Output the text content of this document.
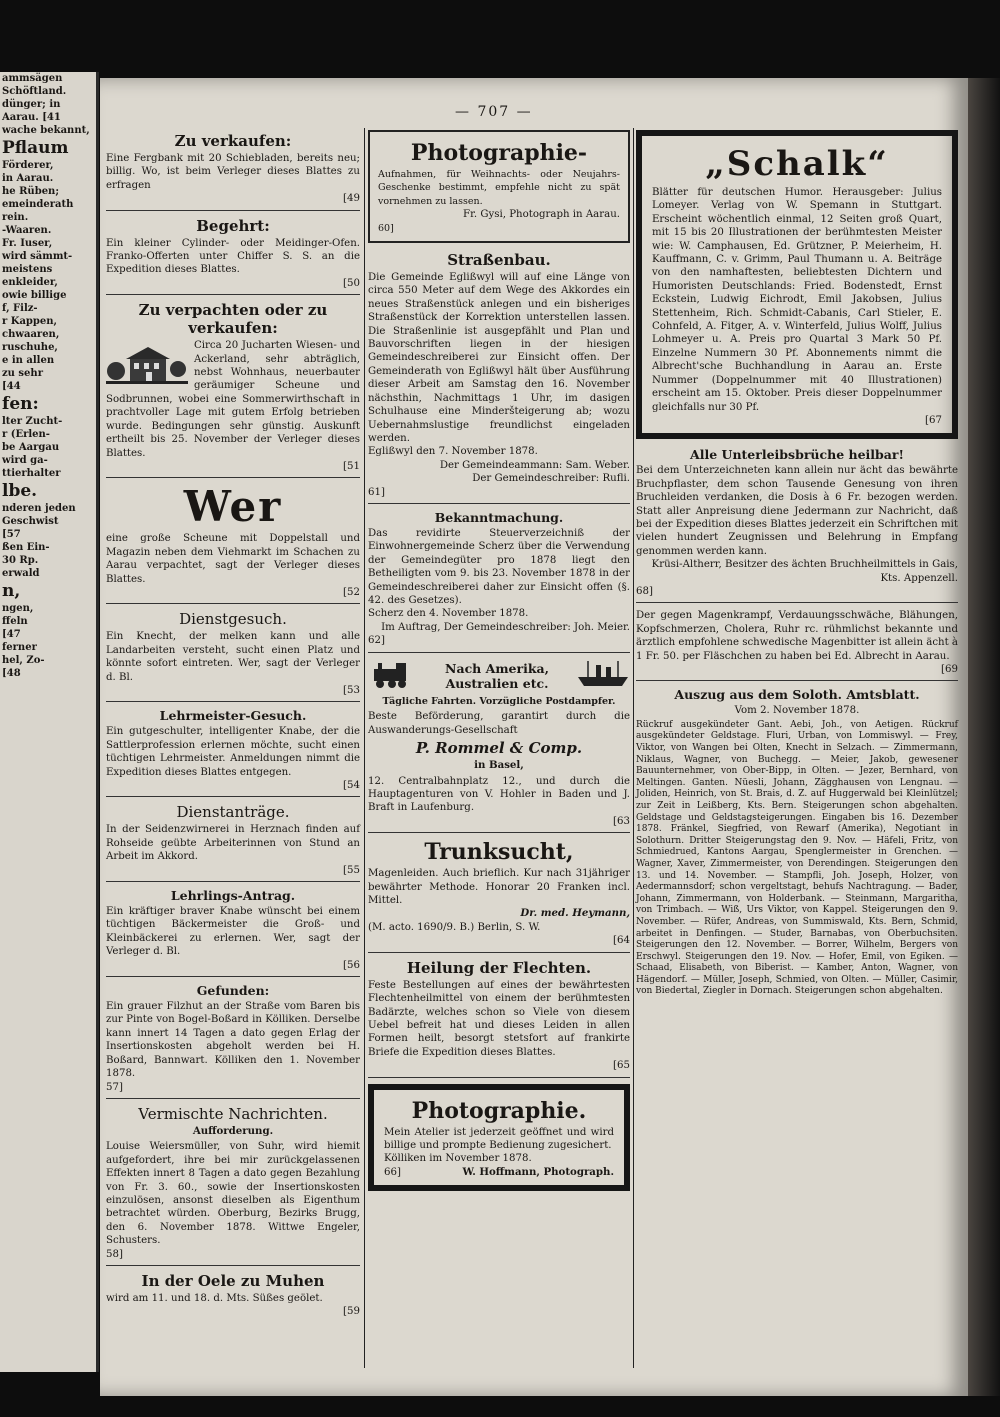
ammsägen
Schöftland.
dünger; in
Aarau. [41
wache bekannt,
Pflaum
Förderer,
in Aarau.
he Rüben;
emeinderath
rein.
-Waaren.
Fr. Iuser,
wird sämmt-
meistens
enkleider,
owie billige
f, Filz-
r Kappen,
chwaaren,
ruschuhe,
e in allen
zu sehr
[44
fen:
lter Zucht-
r (Erlen-
be Aargau
wird ga-
ttierhalter
lbe.
nderen jeden
Geschwist
[57
ßen Ein-
30 Rp.
erwald
n,
ngen,
ffeln
[47
ferner
hel, Zo-
[48
— 707 —
Zu verkaufen:
Eine Fergbank mit 20 Schiebladen, bereits neu; billig. Wo, ist beim Verleger dieses Blattes zu erfragen
[49
Begehrt:
Ein kleiner Cylinder- oder Meidinger-Ofen. Franko-Offerten unter Chiffer S. S. an die Expedition dieses Blattes.
[50
Zu verpachten oder zu verkaufen:
Circa 20 Jucharten Wiesen- und Ackerland, sehr abträglich, nebst Wohnhaus, neuerbauter geräumiger Scheune und Sodbrunnen, wobei eine Sommerwirthschaft in prachtvoller Lage mit gutem Erfolg betrieben wurde. Bedingungen sehr günstig. Auskunft ertheilt bis 25. November der Verleger dieses Blattes.
[51
Wer
eine große Scheune mit Doppelstall und Magazin neben dem Viehmarkt im Schachen zu Aarau verpachtet, sagt der Verleger dieses Blattes.
[52
Dienstgesuch.
Ein Knecht, der melken kann und alle Landarbeiten versteht, sucht einen Platz und könnte sofort eintreten. Wer, sagt der Verleger d. Bl.
[53
Lehrmeister-Gesuch.
Ein gutgeschulter, intelligenter Knabe, der die Sattlerprofession erlernen möchte, sucht einen tüchtigen Lehrmeister. Anmeldungen nimmt die Expedition dieses Blattes entgegen.
[54
Dienstanträge.
In der Seidenzwirnerei in Herznach finden auf Rohseide geübte Arbeiterinnen von Stund an Arbeit im Akkord.
[55
Lehrlings-Antrag.
Ein kräftiger braver Knabe wünscht bei einem tüchtigen Bäckermeister die Groß- und Kleinbäckerei zu erlernen. Wer, sagt der Verleger d. Bl.
[56
Gefunden:
Ein grauer Filzhut an der Straße vom Baren bis zur Pinte von Bogel-Boßard in Kölliken. Derselbe kann innert 14 Tagen a dato gegen Erlag der Insertionskosten abgeholt werden bei H. Boßard, Bannwart. Kölliken den 1. November 1878.
57]
Vermischte Nachrichten.
Aufforderung.
Louise Weiersmüller, von Suhr, wird hiemit aufgefordert, ihre bei mir zurückgelassenen Effekten innert 8 Tagen a dato gegen Bezahlung von Fr. 3. 60., sowie der Insertionskosten einzulösen, ansonst dieselben als Eigenthum betrachtet würden. Oberburg, Bezirks Brugg, den 6. November 1878. Wittwe Engeler, Schusters.
58]
In der Oele zu Muhen
wird am 11. und 18. d. Mts. Süßes geölet.
[59
Photographie-
Aufnahmen, für Weihnachts- oder Neujahrs-Geschenke bestimmt, empfehle nicht zu spät vornehmen zu lassen.
Fr. Gysi, Photograph in Aarau.
60]
Straßenbau.
Die Gemeinde Eglißwyl will auf eine Länge von circa 550 Meter auf dem Wege des Akkordes ein neues Straßenstück anlegen und ein bisheriges Straßenstück der Korrektion unterstellen lassen. Die Straßenlinie ist ausgepfählt und Plan und Bauvorschriften liegen in der hiesigen Gemeindeschreiberei zur Einsicht offen. Der Gemeinderath von Eglißwyl hält über Ausführung dieser Arbeit am Samstag den 16. November nächsthin, Nachmittags 1 Uhr, im dasigen Schulhause eine Minderšteigerung ab; wozu Uebernahmslustige freundlichst eingeladen werden.
Eglißwyl den 7. November 1878.
Der Gemeindeammann: Sam. Weber.
Der Gemeindeschreiber: Rufli.
61]
Bekanntmachung.
Das revidirte Steuerverzeichniß der Einwohnergemeinde Scherz über die Verwendung der Gemeindegüter pro 1878 liegt den Betheiligten vom 9. bis 23. November 1878 in der Gemeindeschreiberei daher zur Einsicht offen (§. 42. des Gesetzes).
Scherz den 4. November 1878.
Im Auftrag, Der Gemeindeschreiber: Joh. Meier.
62]
Nach Amerika, Australien etc.
Tägliche Fahrten. Vorzügliche Postdampfer.
Beste Beförderung, garantirt durch die Auswanderungs-Gesellschaft
P. Rommel & Comp.
in Basel,
12. Centralbahnplatz 12., und durch die Hauptagenturen von V. Hohler in Baden und J. Braft in Laufenburg.
[63
Trunksucht,
Magenleiden. Auch brieflich. Kur nach 31jähriger bewährter Methode. Honorar 20 Franken incl. Mittel.
Dr. med. Heymann,
(M. acto. 1690/9. B.) Berlin, S. W.
[64
Heilung der Flechten.
Feste Bestellungen auf eines der bewährtesten Flechtenheilmittel von einem der berühmtesten Badärzte, welches schon so Viele von diesem Uebel befreit hat und dieses Leiden in allen Formen heilt, besorgt stetsfort auf frankirte Briefe die Expedition dieses Blattes.
[65
Photographie.
Mein Atelier ist jederzeit geöffnet und wird billige und prompte Bedienung zugesichert.
Kölliken im November 1878.
66]	W. Hoffmann, Photograph.
„Schalk“
Blätter für deutschen Humor. Herausgeber: Julius Lomeyer. Verlag von W. Spemann in Stuttgart. Erscheint wöchentlich einmal, 12 Seiten groß Quart, mit 15 bis 20 Illustrationen der berühmtesten Meister wie: W. Camphausen, Ed. Grützner, P. Meierheim, H. Kauffmann, C. v. Grimm, Paul Thumann u. A. Beiträge von den namhaftesten, beliebtesten Dichtern und Humoristen Deutschlands: Fried. Bodenstedt, Ernst Eckstein, Ludwig Eichrodt, Emil Jakobsen, Julius Stettenheim, Rich. Schmidt-Cabanis, Carl Stieler, E. Cohnfeld, A. Fitger, A. v. Winterfeld, Julius Wolff, Julius Lohmeyer u. A. Preis pro Quartal 3 Mark 50 Pf. Einzelne Nummern 30 Pf. Abonnements nimmt die Albrecht'sche Buchhandlung in Aarau an. Erste Nummer (Doppelnummer mit 40 Illustrationen) erscheint am 15. Oktober. Preis dieser Doppelnummer gleichfalls nur 30 Pf.
[67
Alle Unterleibsbrüche heilbar!
Bei dem Unterzeichneten kann allein nur ächt das bewährte Bruchpflaster, dem schon Tausende Genesung von ihren Bruchleiden verdanken, die Dosis à 6 Fr. bezogen werden. Statt aller Anpreisung diene Jedermann zur Nachricht, daß bei der Expedition dieses Blattes jederzeit ein Schriftchen mit vielen hundert Zeugnissen und Belehrung in Empfang genommen werden kann.
Krüsi-Altherr, Besitzer des ächten Bruchheilmittels in Gais, Kts. Appenzell.
68]
Der gegen Magenkrampf, Verdauungsschwäche, Blähungen, Kopfschmerzen, Cholera, Ruhr rc. rühmlichst bekannte und ärztlich empfohlene schwedische Magenbitter ist allein ächt à 1 Fr. 50. per Fläschchen zu haben bei Ed. Albrecht in Aarau.
[69
Auszug aus dem Soloth. Amtsblatt.
Vom 2. November 1878.
Rückruf ausgekündeter Gant. Aebi, Joh., von Aetigen. Rückruf ausgekündeter Geldstage. Fluri, Urban, von Lommiswyl. — Frey, Viktor, von Wangen bei Olten, Knecht in Selzach. — Zimmermann, Niklaus, Wagner, von Buchegg. — Meier, Jakob, gewesener Bauunternehmer, von Ober-Bipp, in Olten. — Jezer, Bernhard, von Meltingen. Ganten. Nüesli, Johann, Zägghausen von Lengnau. — Joliden, Heinrich, von St. Brais, d. Z. auf Huggerwald bei Kleinlützel; zur Zeit in Leißberg, Kts. Bern. Steigerungen schon abgehalten. Geldstage und Geldstagsteigerungen. Eingaben bis 16. Dezember 1878. Fränkel, Siegfried, von Rewarf (Amerika), Negotiant in Solothurn. Dritter Steigerungstag den 9. Nov. — Häfeli, Fritz, von Schmiedrued, Kantons Aargau, Spenglermeister in Grenchen. — Wagner, Xaver, Zimmermeister, von Derendingen. Steigerungen den 13. und 14. November. — Stampfli, Joh. Joseph, Holzer, von Aedermannsdorf; schon vergeltstagt, behufs Nachtragung. — Bader, Johann, Zimmermann, von Holderbank. — Steinmann, Margaritha, von Trimbach. — Wiß, Urs Viktor, von Kappel. Steigerungen den 9. November. — Rüfer, Andreas, von Summiswald, Kts. Bern, Schmid, arbeitet in Denfingen. — Studer, Barnabas, von Oberbuchsiten. Steigerungen den 12. November. — Borrer, Wilhelm, Bergers von Erschwyl. Steigerungen den 19. Nov. — Hofer, Emil, von Egiken. — Schaad, Elisabeth, von Biberist. — Kamber, Anton, Wagner, von Hägendorf. — Müller, Joseph, Schmied, von Olten. — Müller, Casimir, von Biedertal, Ziegler in Dornach. Steigerungen schon abgehalten.
